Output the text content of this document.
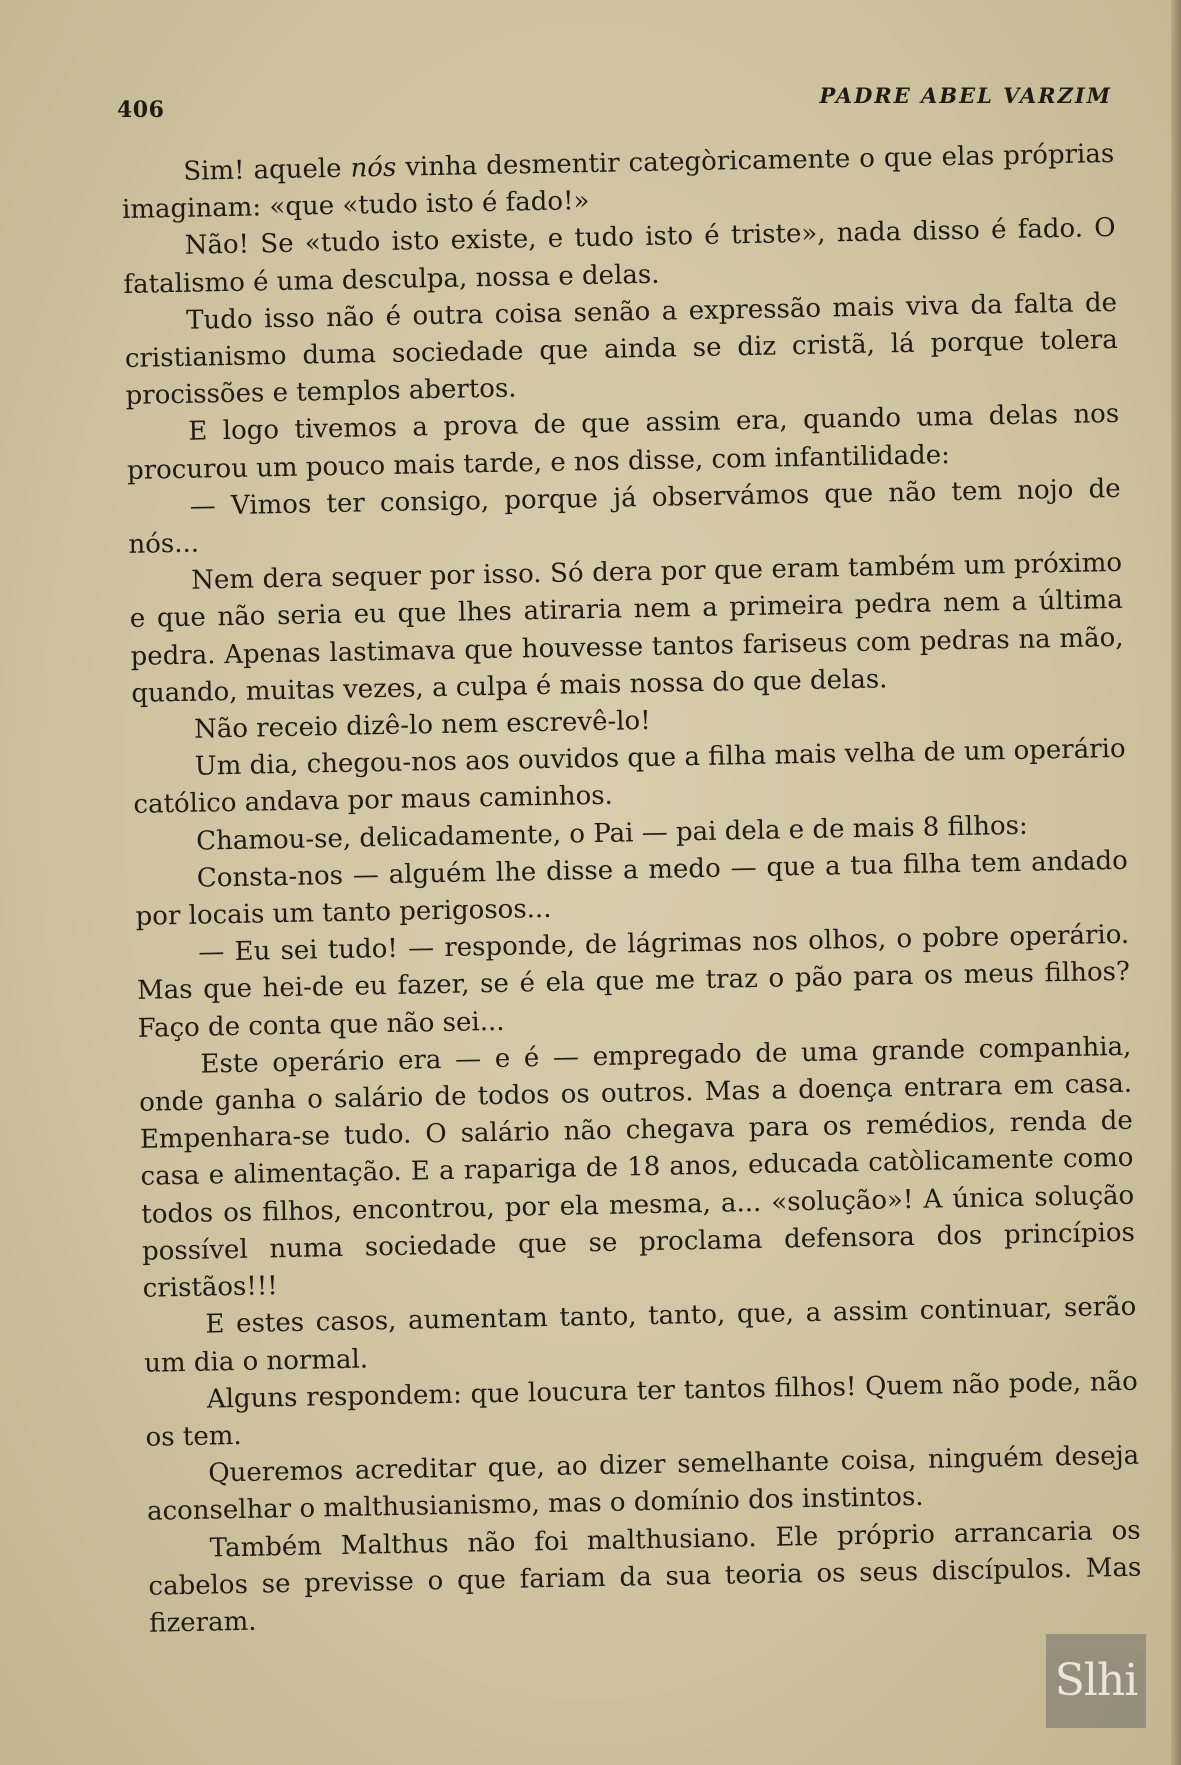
406
PADRE ABEL VARZIM

Sim! aquele nós vinha desmentir categòricamente o que elas próprias imaginam: «que «tudo isto é fado!»

Não! Se «tudo isto existe, e tudo isto é triste», nada disso é fado. O fatalismo é uma desculpa, nossa e delas.

Tudo isso não é outra coisa senão a expressão mais viva da falta de cristianismo duma sociedade que ainda se diz cristã, lá porque tolera procissões e templos abertos.

E logo tivemos a prova de que assim era, quando uma delas nos procurou um pouco mais tarde, e nos disse, com infantilidade:

— Vimos ter consigo, porque já observámos que não tem nojo de nós...

Nem dera sequer por isso. Só dera por que eram também um próximo e que não seria eu que lhes atiraria nem a primeira pedra nem a última pedra. Apenas lastimava que houvesse tantos fariseus com pedras na mão, quando, muitas vezes, a culpa é mais nossa do que delas.

Não receio dizê-lo nem escrevê-lo!

Um dia, chegou-nos aos ouvidos que a filha mais velha de um operário católico andava por maus caminhos.

Chamou-se, delicadamente, o Pai — pai dela e de mais 8 filhos:

Consta-nos — alguém lhe disse a medo — que a tua filha tem andado por locais um tanto perigosos...

— Eu sei tudo! — responde, de lágrimas nos olhos, o pobre operário. Mas que hei-de eu fazer, se é ela que me traz o pão para os meus filhos? Faço de conta que não sei...

Este operário era — e é — empregado de uma grande companhia, onde ganha o salário de todos os outros. Mas a doença entrara em casa. Empenhara-se tudo. O salário não chegava para os remédios, renda de casa e alimentação. E a rapariga de 18 anos, educada catòlicamente como todos os filhos, encontrou, por ela mesma, a... «solução»! A única solução possível numa sociedade que se proclama defensora dos princípios cristãos!!!

E estes casos, aumentam tanto, tanto, que, a assim continuar, serão um dia o normal.

Alguns respondem: que loucura ter tantos filhos! Quem não pode, não os tem.

Queremos acreditar que, ao dizer semelhante coisa, ninguém deseja aconselhar o malthusianismo, mas o domínio dos instintos.

Também Malthus não foi malthusiano. Ele próprio arrancaria os cabelos se previsse o que fariam da sua teoria os seus discípulos. Mas fizeram.

Slhi
